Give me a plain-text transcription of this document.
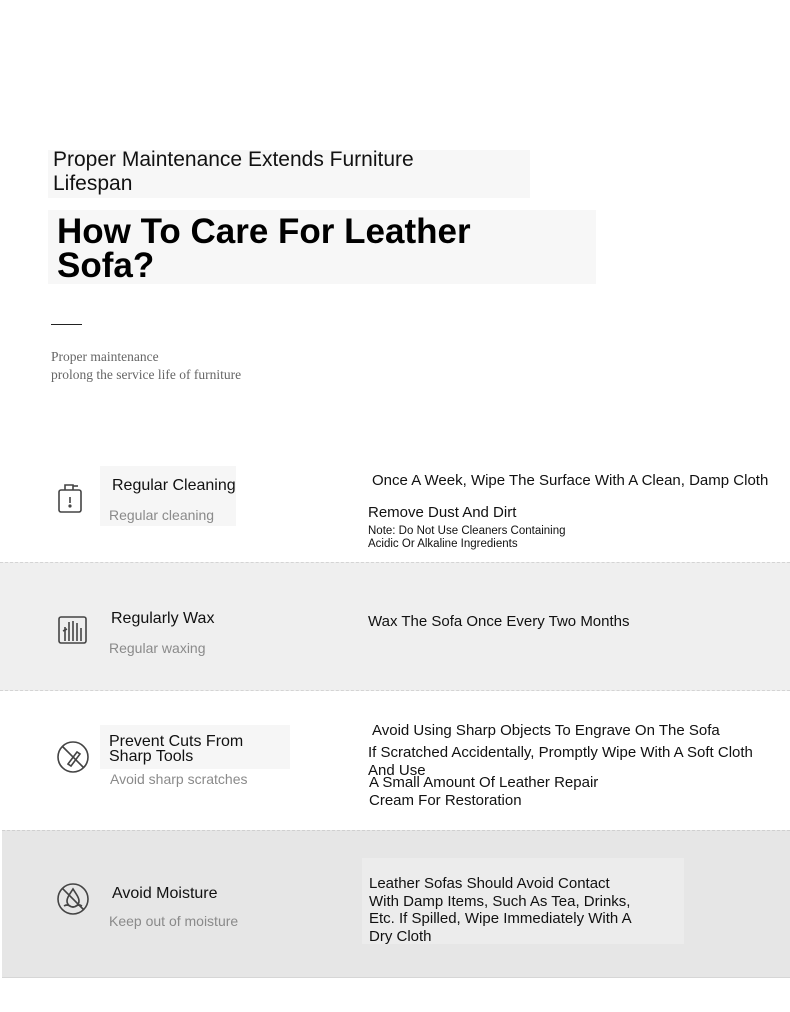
Proper Maintenance Extends Furniture Lifespan
How To Care For Leather Sofa?
Proper maintenance
prolong the service life of furniture
Regular Cleaning
Regular cleaning
Once A Week, Wipe The Surface With A Clean, Damp Cloth
Remove Dust And Dirt
Note: Do Not Use Cleaners Containing Acidic Or Alkaline Ingredients
Regularly Wax
Regular waxing
Wax The Sofa Once Every Two Months
Prevent Cuts From Sharp Tools
Avoid sharp scratches
Avoid Using Sharp Objects To Engrave On The Sofa
If Scratched Accidentally, Promptly Wipe With A Soft Cloth And Use
A Small Amount Of Leather Repair Cream For Restoration
Avoid Moisture
Keep out of moisture
Leather Sofas Should Avoid Contact With Damp Items, Such As Tea, Drinks, Etc. If Spilled, Wipe Immediately With A Dry Cloth
